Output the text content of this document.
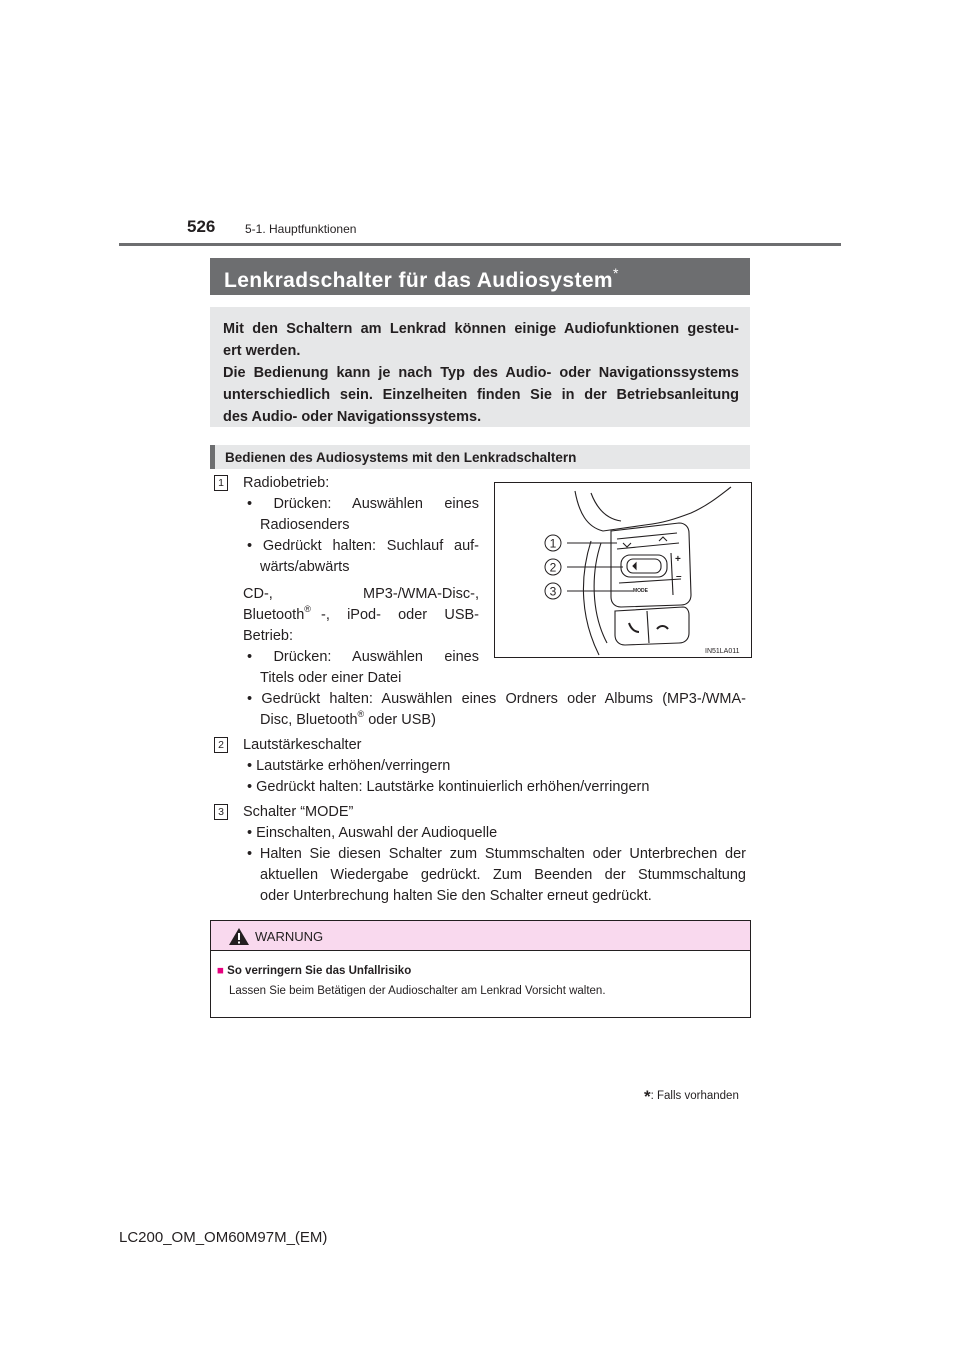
526 5-1. Hauptfunktionen
Lenkradschalter für das Audiosystem*
Mit den Schaltern am Lenkrad können einige Audiofunktionen gesteu-
ert werden.
Die Bedienung kann je nach Typ des Audio- oder Navigationssystems
unterschiedlich sein. Einzelheiten finden Sie in der Betriebsanleitung
des Audio- oder Navigationssystems.
Bedienen des Audiosystems mit den Lenkradschaltern
1 Radiobetrieb:
• Drücken: Auswählen eines
Radiosenders
• Gedrückt halten: Suchlauf auf-
wärts/abwärts
CD-, MP3-/WMA-Disc-,
Bluetooth® -, iPod- oder USB-
Betrieb:
• Drücken: Auswählen eines
Titels oder einer Datei
• Gedrückt halten: Auswählen eines Ordners oder Albums (MP3-/WMA-
Disc, Bluetooth® oder USB)
2 Lautstärkeschalter
• Lautstärke erhöhen/verringern
• Gedrückt halten: Lautstärke kontinuierlich erhöhen/verringern
3 Schalter “MODE”
• Einschalten, Auswahl der Audioquelle
• Halten Sie diesen Schalter zum Stummschalten oder Unterbrechen der
aktuellen Wiedergabe gedrückt. Zum Beenden der Stummschaltung
oder Unterbrechung halten Sie den Schalter erneut gedrückt.
1
2
3
+
–
MODE
IN51LA011
WARNUNG
■ So verringern Sie das Unfallrisiko
Lassen Sie beim Betätigen der Audioschalter am Lenkrad Vorsicht walten.
*: Falls vorhanden
LC200_OM_OM60M97M_(EM)
